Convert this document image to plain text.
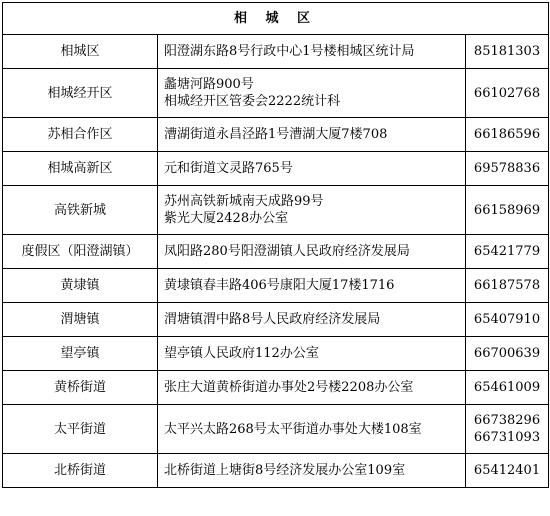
相 城 区		
相城区	阳澄湖东路8号行政中心1号楼相城区统计局	85181303

相城经开区	蠡塘河路900号
相城经开区管委会2222统计科	66102768

苏相合作区	漕湖街道永昌泾路1号漕湖大厦7楼708	66186596

相城高新区	元和街道文灵路765号	69578836

高铁新城	苏州高铁新城南天成路99号
紫光大厦2428办公室	66158969

度假区（阳澄湖镇）	凤阳路280号阳澄湖镇人民政府经济发展局	65421779

黄埭镇	黄埭镇春丰路406号康阳大厦17楼1716	66187578

渭塘镇	渭塘镇渭中路8号人民政府经济发展局	65407910

望亭镇	望亭镇人民政府112办公室	66700639

黄桥街道	张庄大道黄桥街道办事处2号楼2208办公室	65461009

太平街道	太平兴太路268号太平街道办事处大楼108室	66738296
66731093

北桥街道	北桥街道上塘街8号经济发展办公室109室	65412401
